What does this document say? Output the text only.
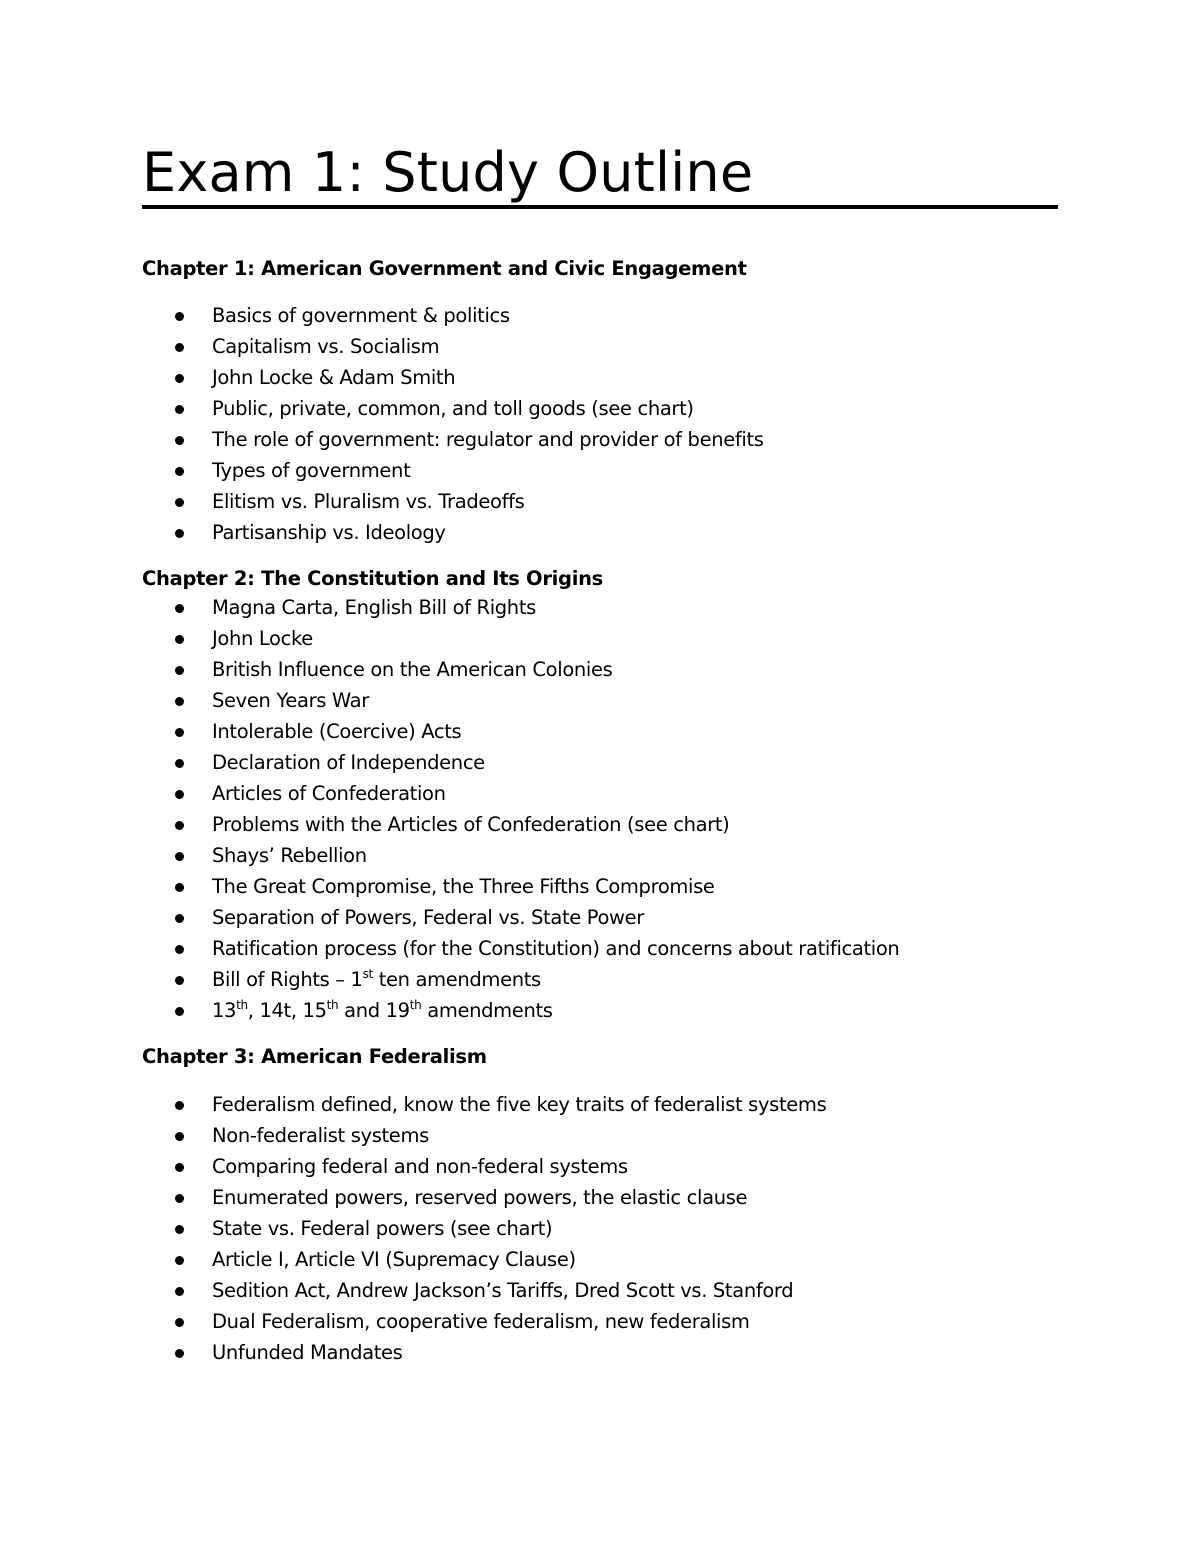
Exam 1: Study Outline
Chapter 1: American Government and Civic Engagement
Basics of government & politics
Capitalism vs. Socialism
John Locke & Adam Smith
Public, private, common, and toll goods (see chart)
The role of government: regulator and provider of benefits
Types of government
Elitism vs. Pluralism vs. Tradeoffs
Partisanship vs. Ideology
Chapter 2: The Constitution and Its Origins
Magna Carta, English Bill of Rights
John Locke
British Influence on the American Colonies
Seven Years War
Intolerable (Coercive) Acts
Declaration of Independence
Articles of Confederation
Problems with the Articles of Confederation (see chart)
Shays’ Rebellion
The Great Compromise, the Three Fifths Compromise
Separation of Powers, Federal vs. State Power
Ratification process (for the Constitution) and concerns about ratification
Bill of Rights – 1st ten amendments
13th, 14t, 15th and 19th amendments
Chapter 3: American Federalism
Federalism defined, know the five key traits of federalist systems
Non-federalist systems
Comparing federal and non-federal systems
Enumerated powers, reserved powers, the elastic clause
State vs. Federal powers (see chart)
Article I, Article VI (Supremacy Clause)
Sedition Act, Andrew Jackson’s Tariffs, Dred Scott vs. Stanford
Dual Federalism, cooperative federalism, new federalism
Unfunded Mandates
